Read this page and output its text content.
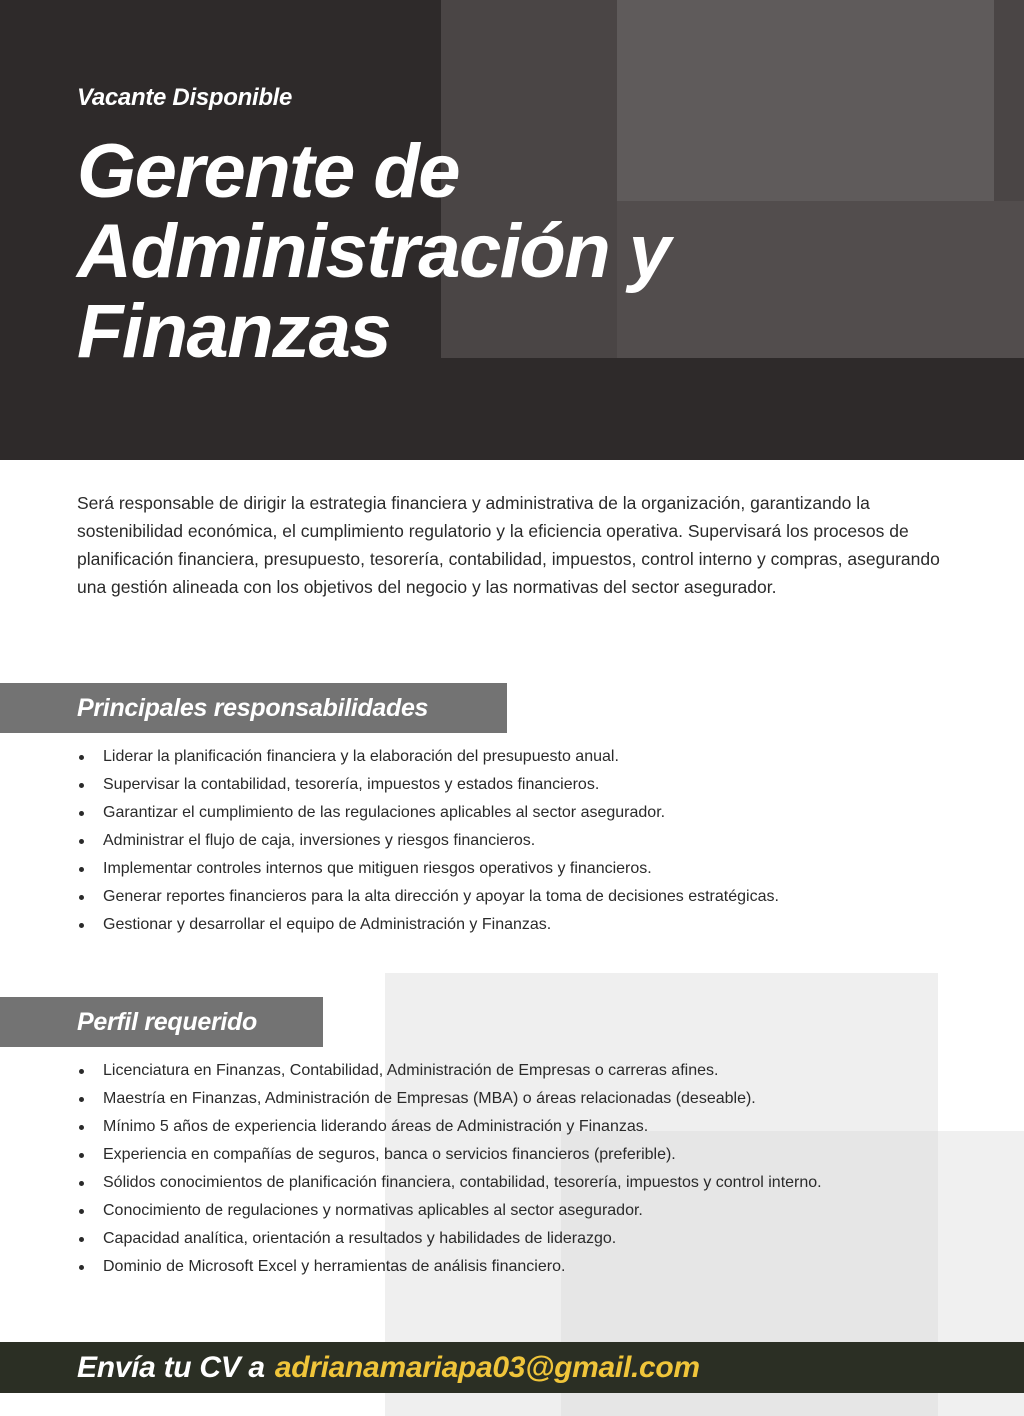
Vacante Disponible
Gerente de
Administración y
Finanzas

Será responsable de dirigir la estrategia financiera y administrativa de la organización, garantizando la sostenibilidad económica, el cumplimiento regulatorio y la eficiencia operativa. Supervisará los procesos de planificación financiera, presupuesto, tesorería, contabilidad, impuestos, control interno y compras, asegurando una gestión alineada con los objetivos del negocio y las normativas del sector asegurador.

Principales responsabilidades
Liderar la planificación financiera y la elaboración del presupuesto anual.
Supervisar la contabilidad, tesorería, impuestos y estados financieros.
Garantizar el cumplimiento de las regulaciones aplicables al sector asegurador.
Administrar el flujo de caja, inversiones y riesgos financieros.
Implementar controles internos que mitiguen riesgos operativos y financieros.
Generar reportes financieros para la alta dirección y apoyar la toma de decisiones estratégicas.
Gestionar y desarrollar el equipo de Administración y Finanzas.
Perfil requerido
Licenciatura en Finanzas, Contabilidad, Administración de Empresas o carreras afines.
Maestría en Finanzas, Administración de Empresas (MBA) o áreas relacionadas (deseable).
Mínimo 5 años de experiencia liderando áreas de Administración y Finanzas.
Experiencia en compañías de seguros, banca o servicios financieros (preferible).
Sólidos conocimientos de planificación financiera, contabilidad, tesorería, impuestos y control interno.
Conocimiento de regulaciones y normativas aplicables al sector asegurador.
Capacidad analítica, orientación a resultados y habilidades de liderazgo.
Dominio de Microsoft Excel y herramientas de análisis financiero.
Envía tu CV a adrianamariapa03@gmail.com
